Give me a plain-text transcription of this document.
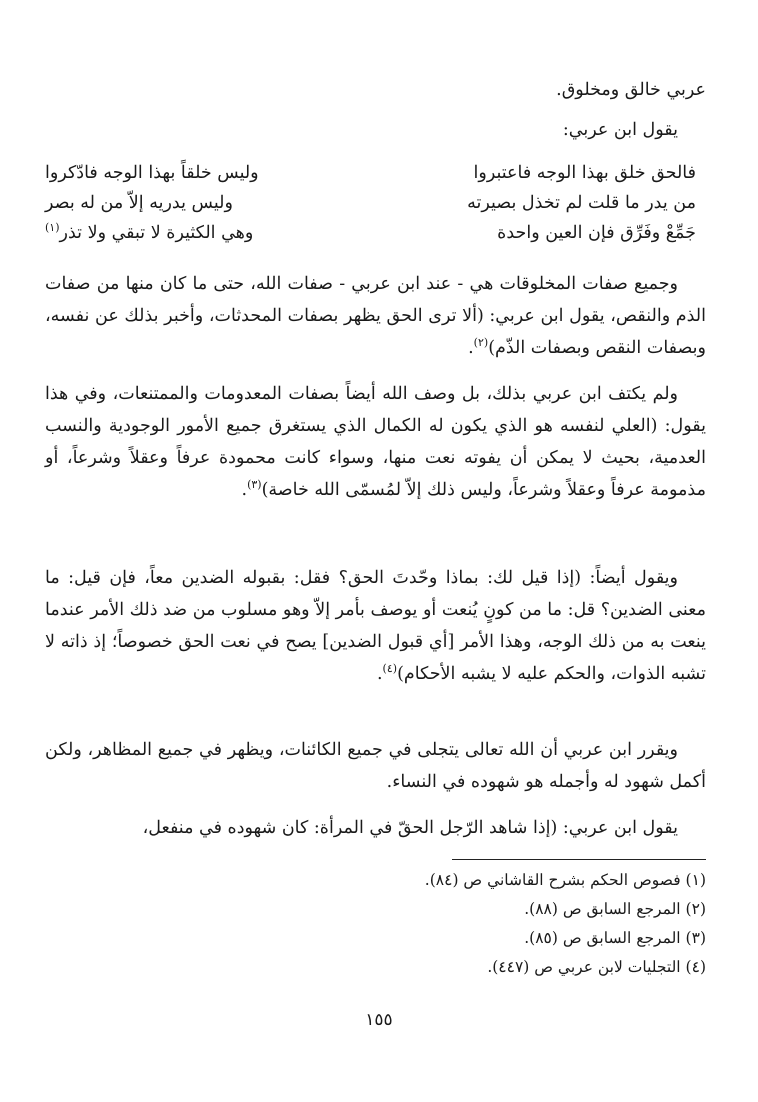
عربي خالق ومخلوق.

يقول ابن عربي:

فالحق خلق بهذا الوجه فاعتبروا
وليس خلقاً بهذا الوجه فادّكروا
من يدر ما قلت لم تخذل بصيرته
وليس يدريه إلاّ من له بصر
جَمِّعْ وفَرِّق فإن العين واحدة
وهي الكثيرة لا تبقي ولا تذر$^{(١)}$

وجميع صفات المخلوقات هي - عند ابن عربي - صفات الله، حتى ما كان منها من صفات الذم والنقص، يقول ابن عربي: (ألا ترى الحق يظهر بصفات المحدثات، وأخبر بذلك عن نفسه، وبصفات النقص وبصفات الذّم)$^{(٢)}$.

ولم يكتف ابن عربي بذلك، بل وصف الله أيضاً بصفات المعدومات والممتنعات، وفي هذا يقول: (العلي لنفسه هو الذي يكون له الكمال الذي يستغرق جميع الأمور الوجودية والنسب العدمية، بحيث لا يمكن أن يفوته نعت منها، وسواء كانت محمودة عرفاً وعقلاً وشرعاً، أو مذمومة عرفاً وعقلاً وشرعاً، وليس ذلك إلاّ لمُسمّى الله خاصة)$^{(٣)}$.

ويقول أيضاً: (إذا قيل لك: بماذا وحّدتَ الحق؟ فقل: بقبوله الضدين معاً، فإن قيل: ما معنى الضدين؟ قل: ما من كونٍ يُنعت أو يوصف بأمر إلاّ وهو مسلوب من ضد ذلك الأمر عندما ينعت به من ذلك الوجه، وهذا الأمر [أي قبول الضدين] يصح في نعت الحق خصوصاً؛ إذ ذاته لا تشبه الذوات، والحكم عليه لا يشبه الأحكام)$^{(٤)}$.

ويقرر ابن عربي أن الله تعالى يتجلى في جميع الكائنات، ويظهر في جميع المظاهر، ولكن أكمل شهود له وأجمله هو شهوده في النساء.

يقول ابن عربي: (إذا شاهد الرّجل الحقّ في المرأة: كان شهوده في منفعل،

(١) فصوص الحكم بشرح القاشاني ص (٨٤).
(٢) المرجع السابق ص (٨٨).
(٣) المرجع السابق ص (٨٥).
(٤) التجليات لابن عربي ص (٤٤٧).
١٥٥
